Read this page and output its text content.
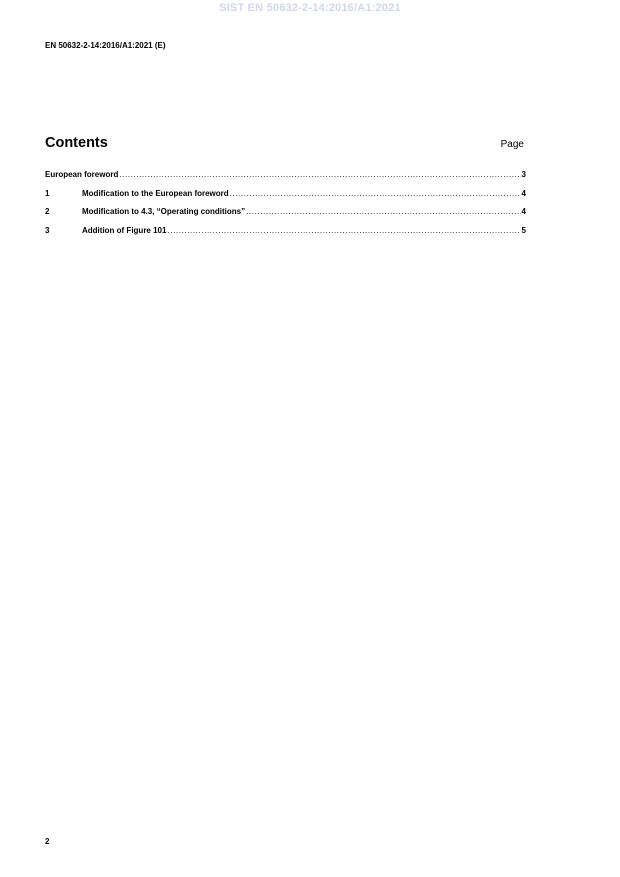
SIST EN 50632-2-14:2016/A1:2021
EN 50632-2-14:2016/A1:2021 (E)
Contents	Page
European foreword .....	3
1	Modification to the European foreword .....	4
2	Modification to 4.3, “Operating conditions” .....	4
3	Addition of Figure 101 .....	5
2
